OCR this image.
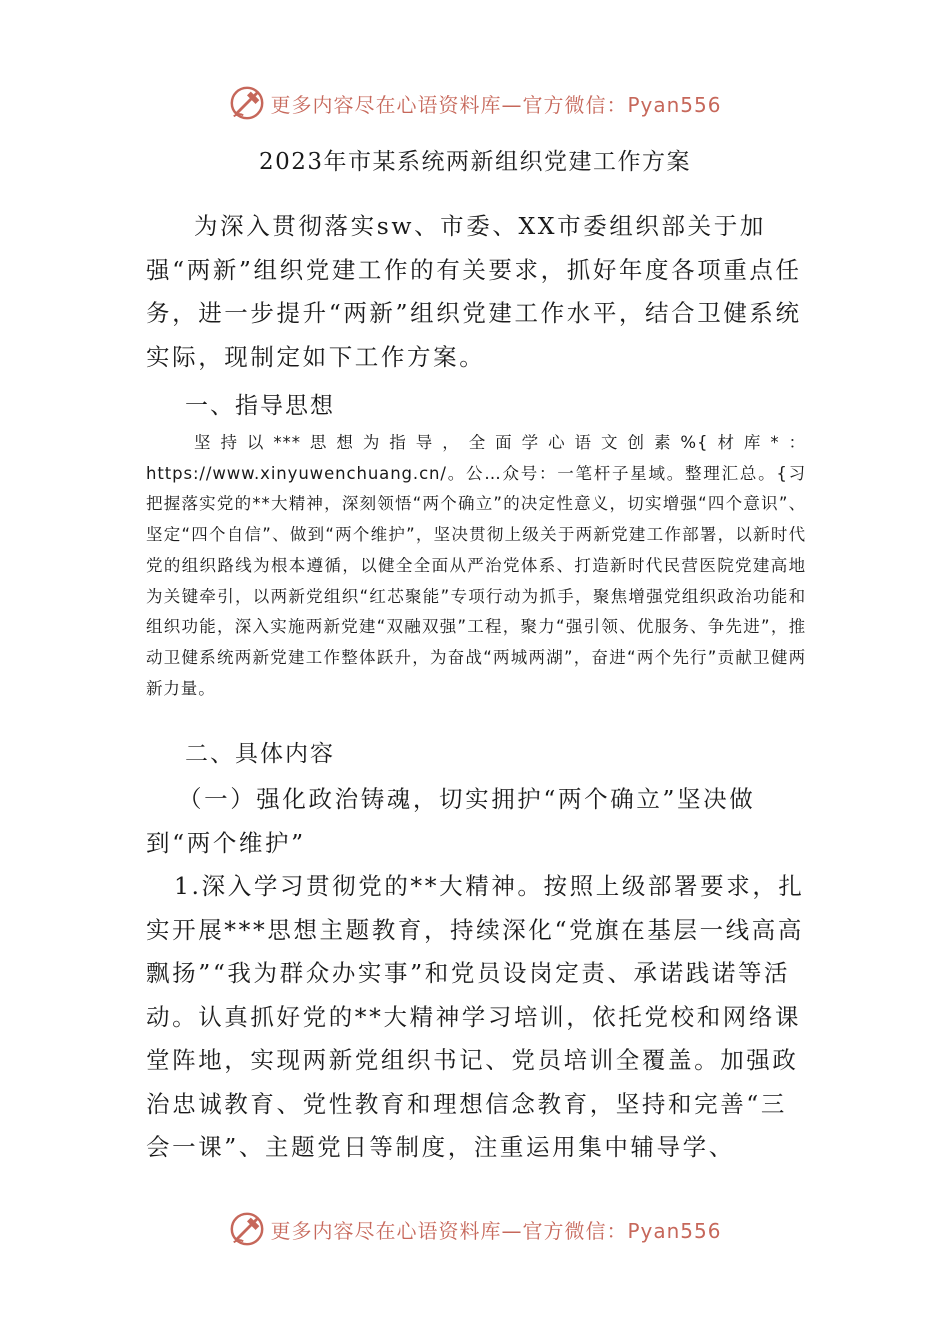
更多内容尽在心语资料库—官方微信：Pyan556
2023年市某系统两新组织党建工作方案

为深入贯彻落实sw、市委、XX市委组织部关于加强“两新”组织党建工作的有关要求，抓好年度各项重点任务，进一步提升“两新”组织党建工作水平，结合卫健系统实际，现制定如下工作方案。

一、指导思想

坚持以***思想为指导，全面学心语文创素%{材库*：https://www.xinyuwenchuang.cn/。公…众号：一笔杆子星域。整理汇总。{习把握落实党的**大精神，深刻领悟“两个确立”的决定性意义，切实增强“四个意识”、坚定“四个自信”、做到“两个维护”，坚决贯彻上级关于两新党建工作部署，以新时代党的组织路线为根本遵循，以健全全面从严治党体系、打造新时代民营医院党建高地为关键牵引，以两新党组织“红芯聚能”专项行动为抓手，聚焦增强党组织政治功能和组织功能，深入实施两新党建“双融双强”工程，聚力“强引领、优服务、争先进”，推动卫健系统两新党建工作整体跃升，为奋战“两城两湖”，奋进“两个先行”贡献卫健两新力量。

二、具体内容

（一）强化政治铸魂，切实拥护“两个确立”坚决做到“两个维护”

1.深入学习贯彻党的**大精神。按照上级部署要求，扎实开展***思想主题教育，持续深化“党旗在基层一线高高飘扬”“我为群众办实事”和党员设岗定责、承诺践诺等活动。认真抓好党的**大精神学习培训，依托党校和网络课堂阵地，实现两新党组织书记、党员培训全覆盖。加强政治忠诚教育、党性教育和理想信念教育，坚持和完善“三会一课”、主题党日等制度，注重运用集中辅导学、

更多内容尽在心语资料库—官方微信：Pyan556
